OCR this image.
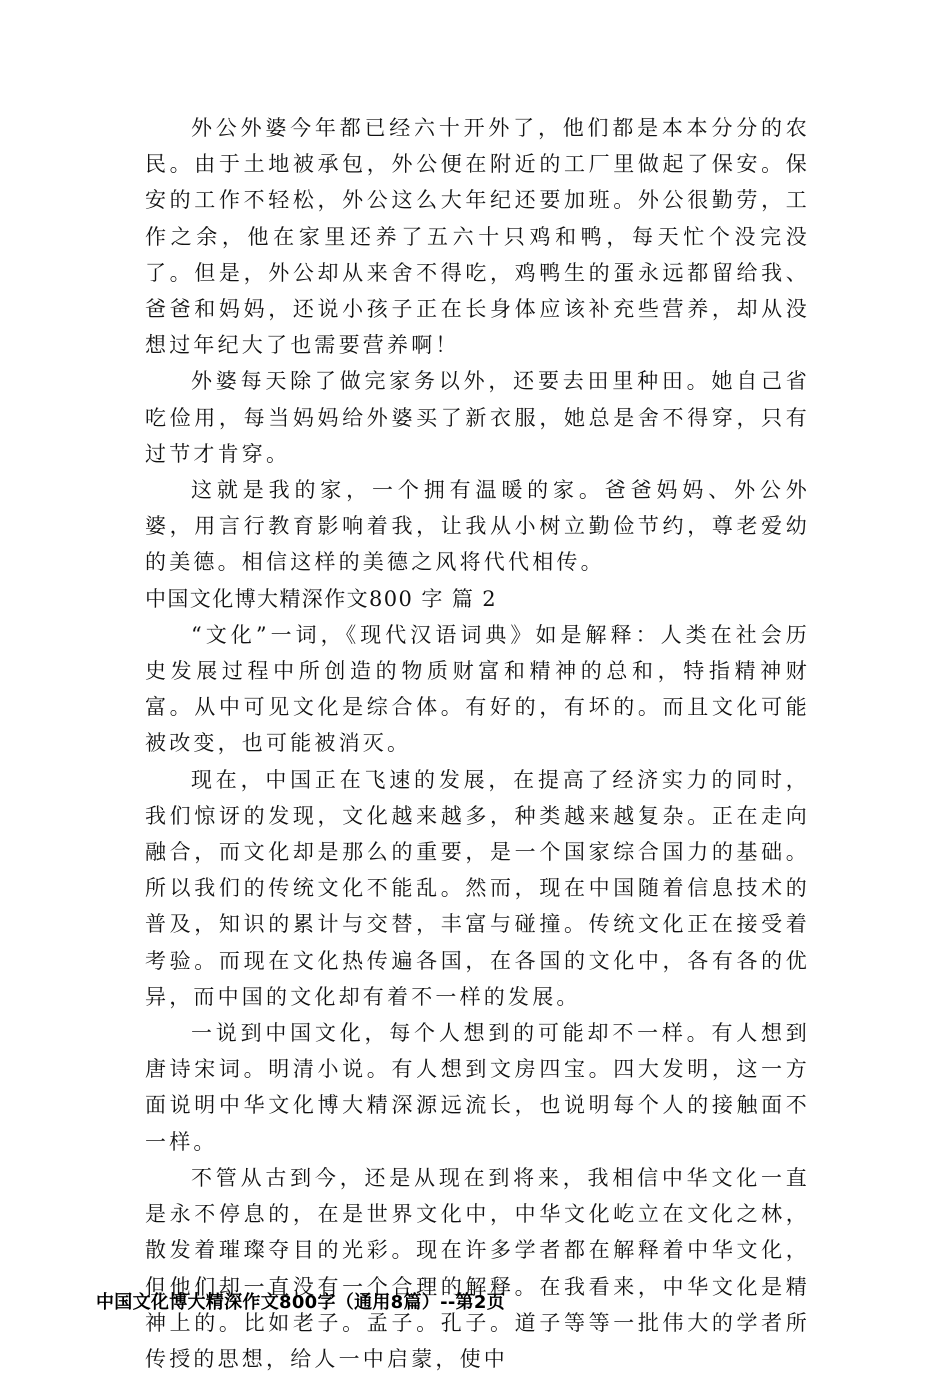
外公外婆今年都已经六十开外了，他们都是本本分分的农民。由于土地被承包，外公便在附近的工厂里做起了保安。保安的工作不轻松，外公这么大年纪还要加班。外公很勤劳，工作之余，他在家里还养了五六十只鸡和鸭，每天忙个没完没了。但是，外公却从来舍不得吃，鸡鸭生的蛋永远都留给我、爸爸和妈妈，还说小孩子正在长身体应该补充些营养，却从没想过年纪大了也需要营养啊！

外婆每天除了做完家务以外，还要去田里种田。她自己省吃俭用，每当妈妈给外婆买了新衣服，她总是舍不得穿，只有过节才肯穿。

这就是我的家，一个拥有温暖的家。爸爸妈妈、外公外婆，用言行教育影响着我，让我从小树立勤俭节约，尊老爱幼的美德。相信这样的美德之风将代代相传。

中国文化博大精深作文800 字 篇 2

“文化”一词，《现代汉语词典》如是解释：人类在社会历史发展过程中所创造的物质财富和精神的总和，特指精神财富。从中可见文化是综合体。有好的，有坏的。而且文化可能被改变，也可能被消灭。

现在，中国正在飞速的发展，在提高了经济实力的同时，我们惊讶的发现，文化越来越多，种类越来越复杂。正在走向融合，而文化却是那么的重要，是一个国家综合国力的基础。所以我们的传统文化不能乱。然而，现在中国随着信息技术的普及，知识的累计与交替，丰富与碰撞。传统文化正在接受着考验。而现在文化热传遍各国，在各国的文化中，各有各的优异，而中国的文化却有着不一样的发展。

一说到中国文化，每个人想到的可能却不一样。有人想到唐诗宋词。明清小说。有人想到文房四宝。四大发明，这一方面说明中华文化博大精深源远流长，也说明每个人的接触面不一样。

不管从古到今，还是从现在到将来，我相信中华文化一直是永不停息的，在是世界文化中，中华文化屹立在文化之林，散发着璀璨夺目的光彩。现在许多学者都在解释着中华文化，但他们却一直没有一个合理的解释。在我看来，中华文化是精神上的。比如老子。孟子。孔子。道子等等一批伟大的学者所传授的思想，给人一中启蒙，使中

中国文化博大精深作文800字（通用8篇）--第2页
